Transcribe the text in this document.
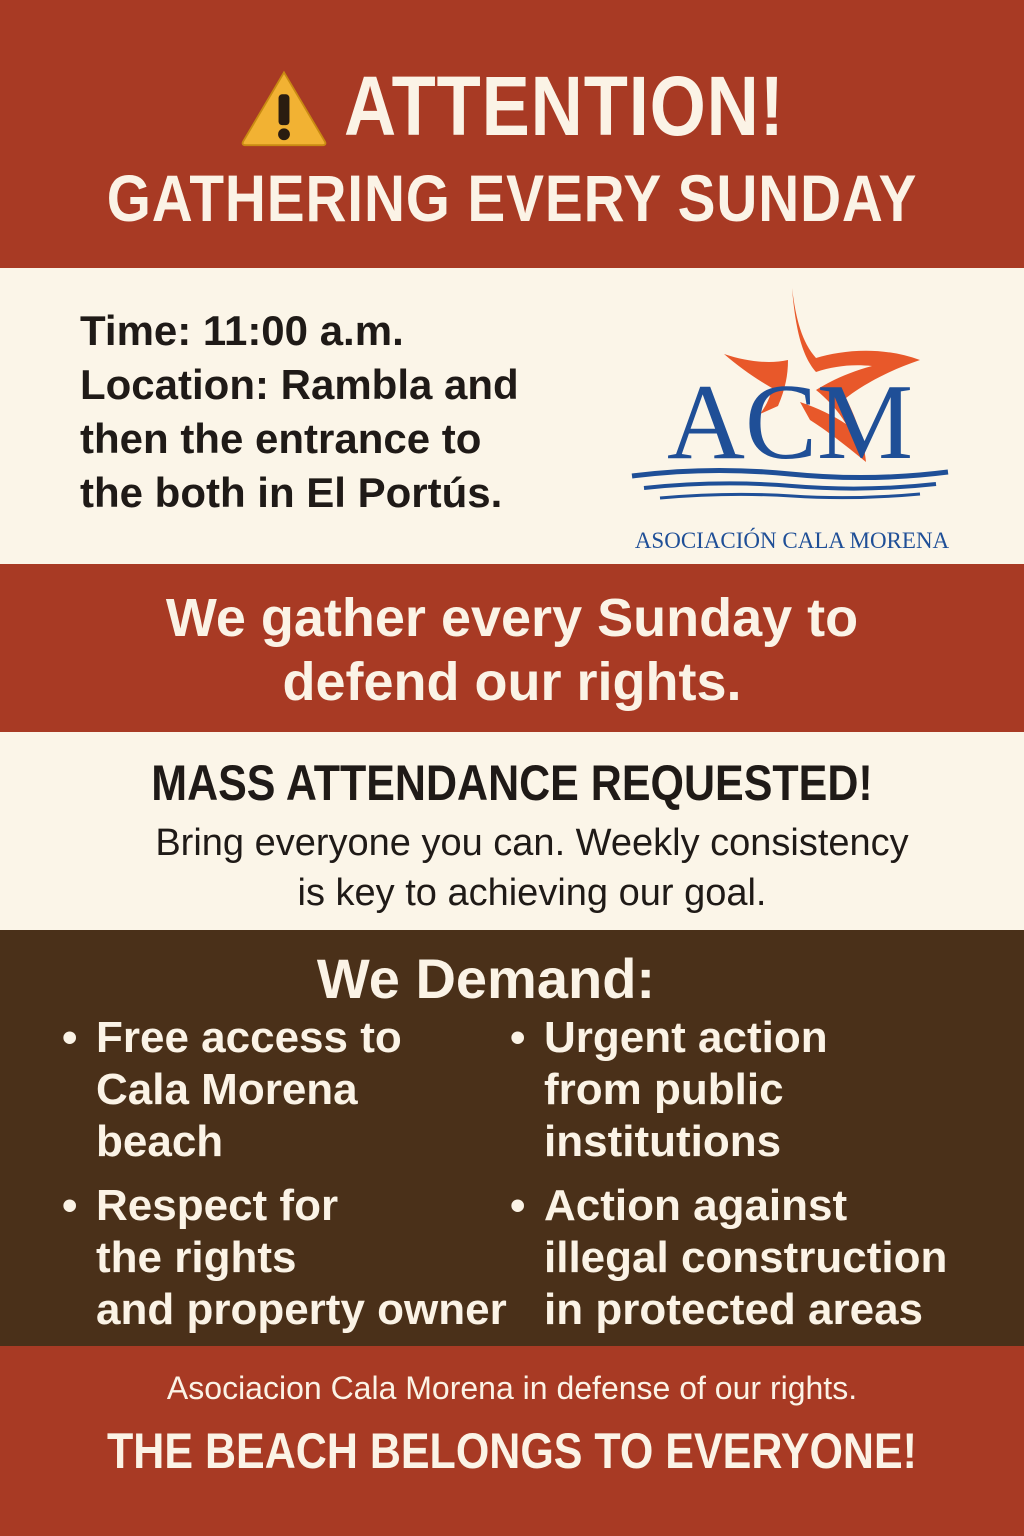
ATTENTION!
GATHERING EVERY SUNDAY
Time: 11:00 a.m.
Location: Rambla and
then the entrance to
the both in El Portús.
ACM
ASOCIACIÓN CALA MORENA
We gather every Sunday to
defend our rights.
MASS ATTENDANCE REQUESTED!
Bring everyone you can. Weekly consistency
is key to achieving our goal.
We Demand:
• Free access to
Cala Morena
beach
• Respect for
the rights
and property owner
• Urgent action
from public
institutions
• Action against
illegal construction
in protected areas
Asociacion Cala Morena in defense of our rights.
THE BEACH BELONGS TO EVERYONE!
